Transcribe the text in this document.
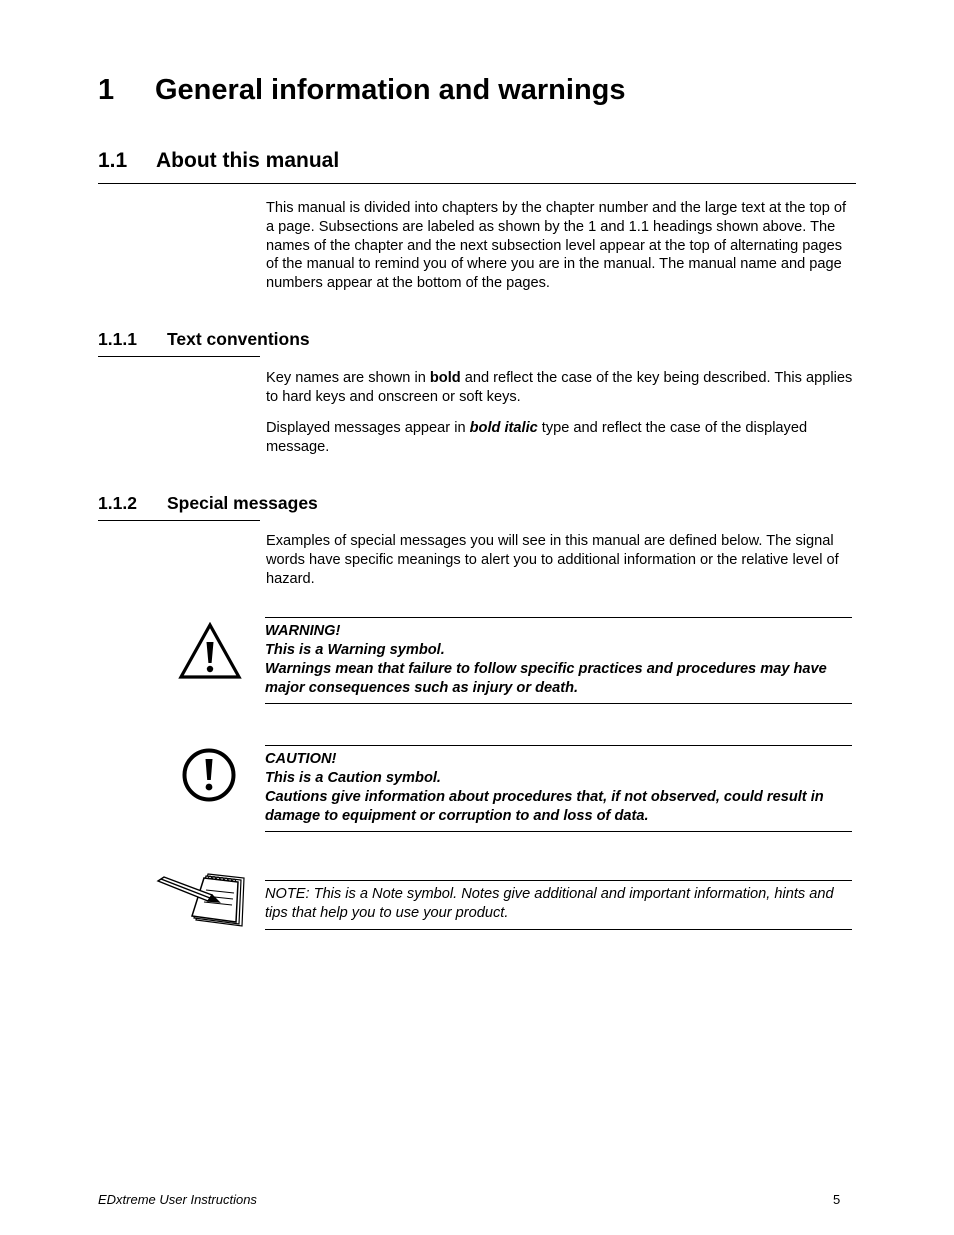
1 General information and warnings
1.1 About this manual

This manual is divided into chapters by the chapter number and the large text at the top of a page. Subsections are labeled as shown by the 1 and 1.1 headings shown above. The names of the chapter and the next subsection level appear at the top of alternating pages of the manual to remind you of where you are in the manual. The manual name and page numbers appear at the bottom of the pages.

1.1.1 Text conventions

Key names are shown in bold and reflect the case of the key being described. This applies to hard keys and onscreen or soft keys.

Displayed messages appear in bold italic type and reflect the case of the displayed message.

1.1.2 Special messages

Examples of special messages you will see in this manual are defined below. The signal words have specific meanings to alert you to additional information or the relative level of hazard.

WARNING!
This is a Warning symbol.
Warnings mean that failure to follow specific practices and procedures may have major consequences such as injury or death.
CAUTION!
This is a Caution symbol.
Cautions give information about procedures that, if not observed, could result in damage to equipment or corruption to and loss of data.
NOTE: This is a Note symbol. Notes give additional and important information, hints and tips that help you to use your product.
EDxtreme User Instructions	5
